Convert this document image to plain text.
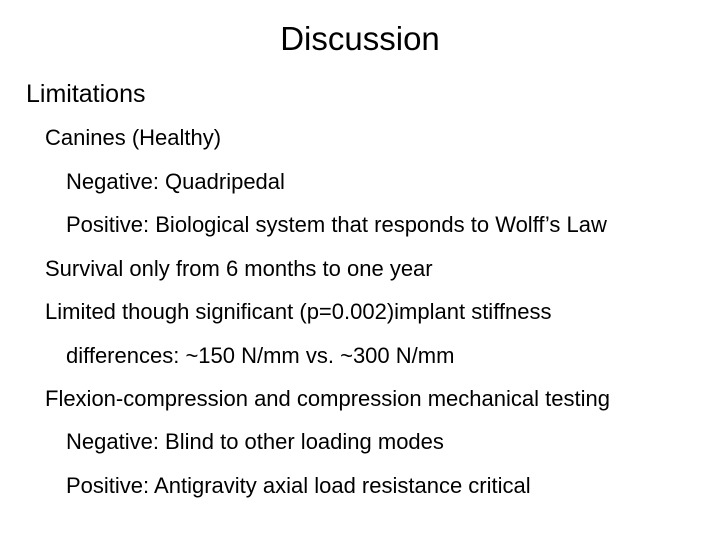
Discussion
Limitations
Canines (Healthy)
Negative: Quadripedal
Positive: Biological system that responds to Wolff’s Law
Survival only from 6 months to one year
Limited though significant (p=0.002)implant stiffness
differences: ~150 N/mm vs. ~300 N/mm
Flexion-compression and compression mechanical testing
Negative: Blind to other loading modes
Positive: Antigravity axial load resistance critical
